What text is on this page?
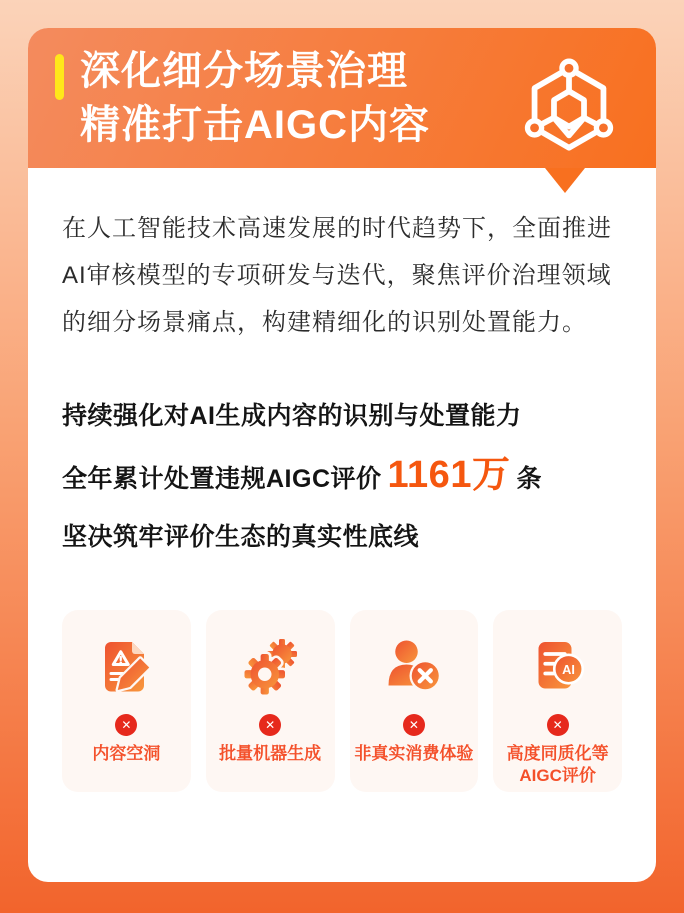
深化细分场景治理
精准打击AIGC内容

在人工智能技术高速发展的时代趋势下，全面推进AI审核模型的专项研发与迭代，聚焦评价治理领域的细分场景痛点，构建精细化的识别处置能力。

持续强化对AI生成内容的识别与处置能力

全年累计处置违规AIGC评价 1161万 条

坚决筑牢评价生态的真实性底线

✕
内容空洞
✕
批量机器生成
✕
非真实消费体验
AI
✕
高度同质化等
AIGC评价
